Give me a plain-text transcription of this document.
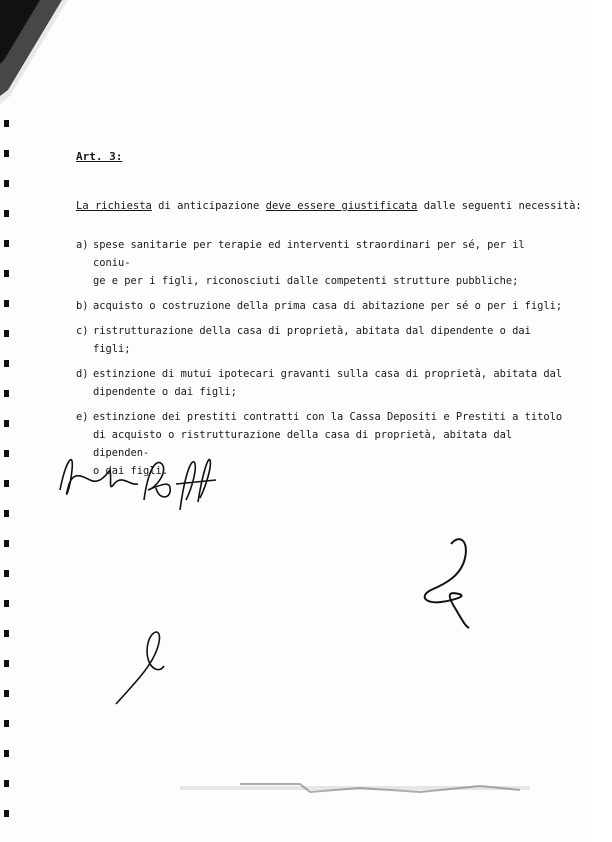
Art. 3:
La richiesta di anticipazione deve essere giustificata dalle seguenti necessità:
a) spese sanitarie per terapie ed interventi straordinari per sé, per il coniu-
ge e per i figli, riconosciuti dalle competenti strutture pubbliche;
b) acquisto o costruzione della prima casa di abitazione per sé o per i figli;
c) ristrutturazione della casa di proprietà, abitata dal dipendente o dai figli;
d) estinzione di mutui ipotecari gravanti sulla casa di proprietà, abitata dal
dipendente o dai figli;
e) estinzione dei prestiti contratti con la Cassa Depositi e Prestiti a titolo
di acquisto o ristrutturazione della casa di proprietà, abitata dal dipenden-
o dai figli.
